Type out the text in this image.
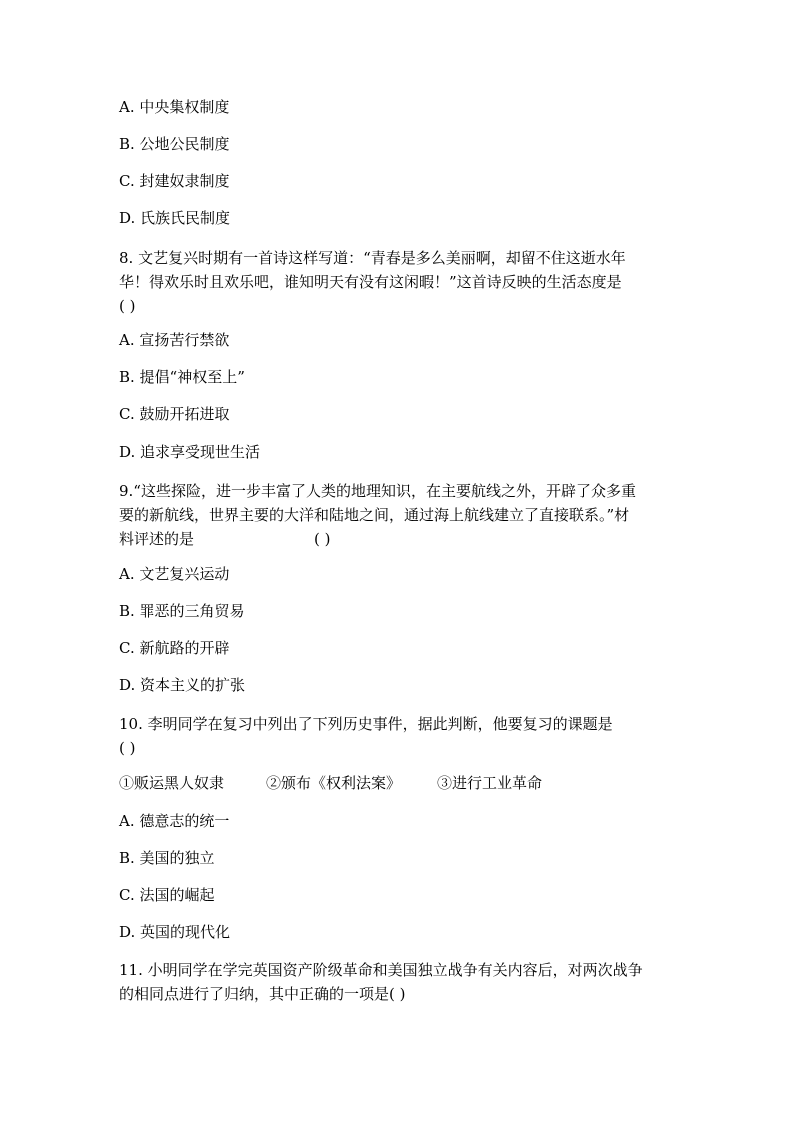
A. 中央集权制度
B. 公地公民制度
C. 封建奴隶制度
D. 氏族氏民制度
8. 文艺复兴时期有一首诗这样写道：“青春是多么美丽啊，却留不住这逝水年
华！得欢乐时且欢乐吧，谁知明天有没有这闲暇！”这首诗反映的生活态度是
( )
A. 宣扬苦行禁欲
B. 提倡“神权至上”
C. 鼓励开拓进取
D. 追求享受现世生活
9.“这些探险，进一步丰富了人类的地理知识，在主要航线之外，开辟了众多重
要的新航线，世界主要的大洋和陆地之间，通过海上航线建立了直接联系。”材
料评述的是	( )
A. 文艺复兴运动
B. 罪恶的三角贸易
C. 新航路的开辟
D. 资本主义的扩张
10. 李明同学在复习中列出了下列历史事件，据此判断，他要复习的课题是
( )
①贩运黑人奴隶	②颁布《权利法案》 ③进行工业革命
A. 德意志的统一
B. 美国的独立
C. 法国的崛起
D. 英国的现代化
11. 小明同学在学完英国资产阶级革命和美国独立战争有关内容后，对两次战争
的相同点进行了归纳，其中正确的一项是( )
